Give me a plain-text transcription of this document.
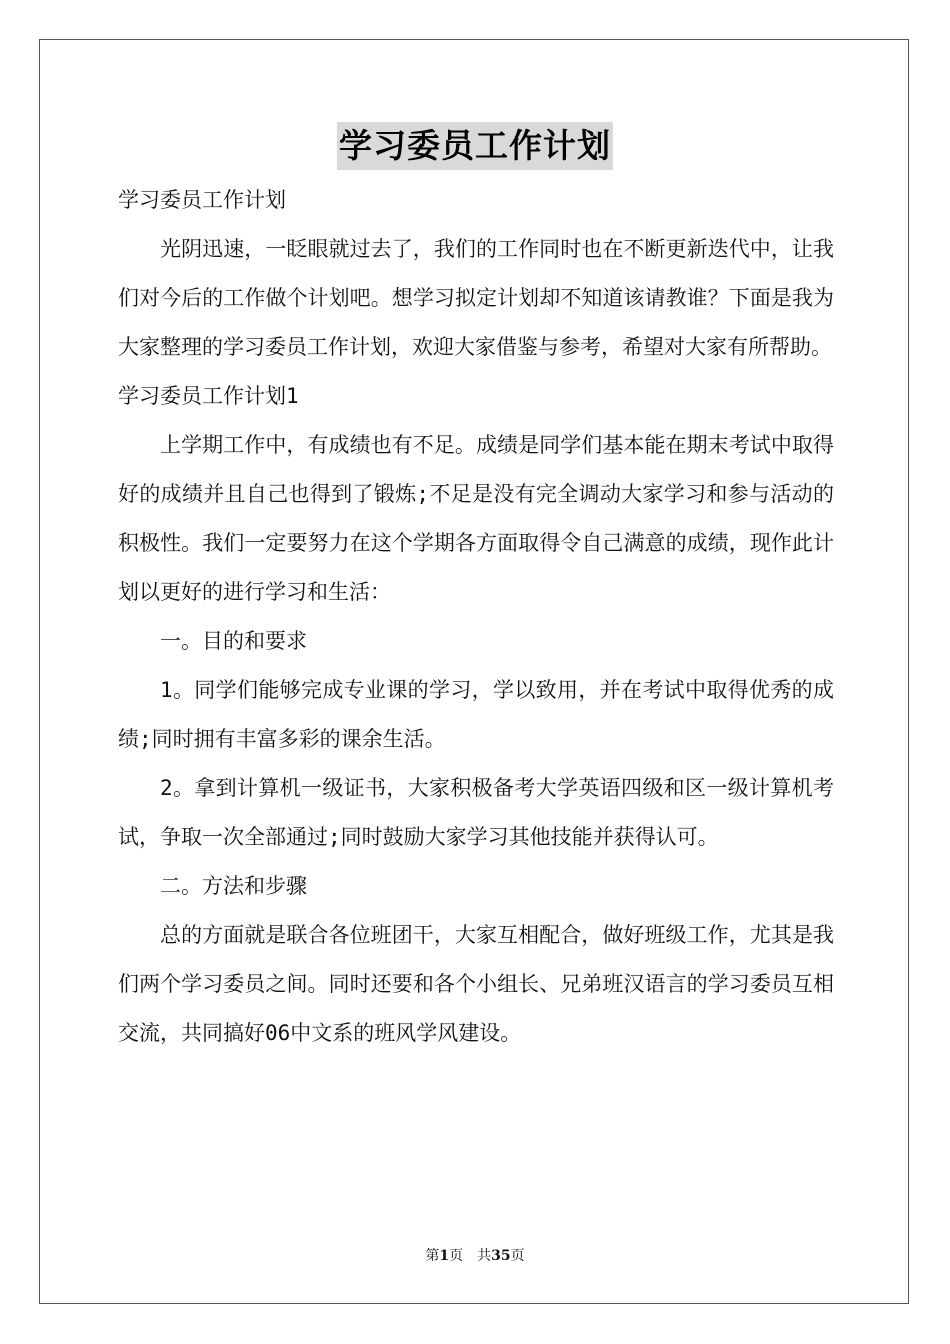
学习委员工作计划

学习委员工作计划

光阴迅速，一眨眼就过去了，我们的工作同时也在不断更新迭代中，让我们对今后的工作做个计划吧。想学习拟定计划却不知道该请教谁？下面是我为大家整理的学习委员工作计划，欢迎大家借鉴与参考，希望对大家有所帮助。

学习委员工作计划1

上学期工作中，有成绩也有不足。成绩是同学们基本能在期末考试中取得好的成绩并且自己也得到了锻炼;不足是没有完全调动大家学习和参与活动的积极性。我们一定要努力在这个学期各方面取得令自己满意的成绩，现作此计划以更好的进行学习和生活：

一。目的和要求

1。同学们能够完成专业课的学习，学以致用，并在考试中取得优秀的成绩;同时拥有丰富多彩的课余生活。

2。拿到计算机一级证书，大家积极备考大学英语四级和区一级计算机考试，争取一次全部通过;同时鼓励大家学习其他技能并获得认可。

二。方法和步骤

总的方面就是联合各位班团干，大家互相配合，做好班级工作，尤其是我们两个学习委员之间。同时还要和各个小组长、兄弟班汉语言的学习委员互相交流，共同搞好06中文系的班风学风建设。

第1页　共35页
